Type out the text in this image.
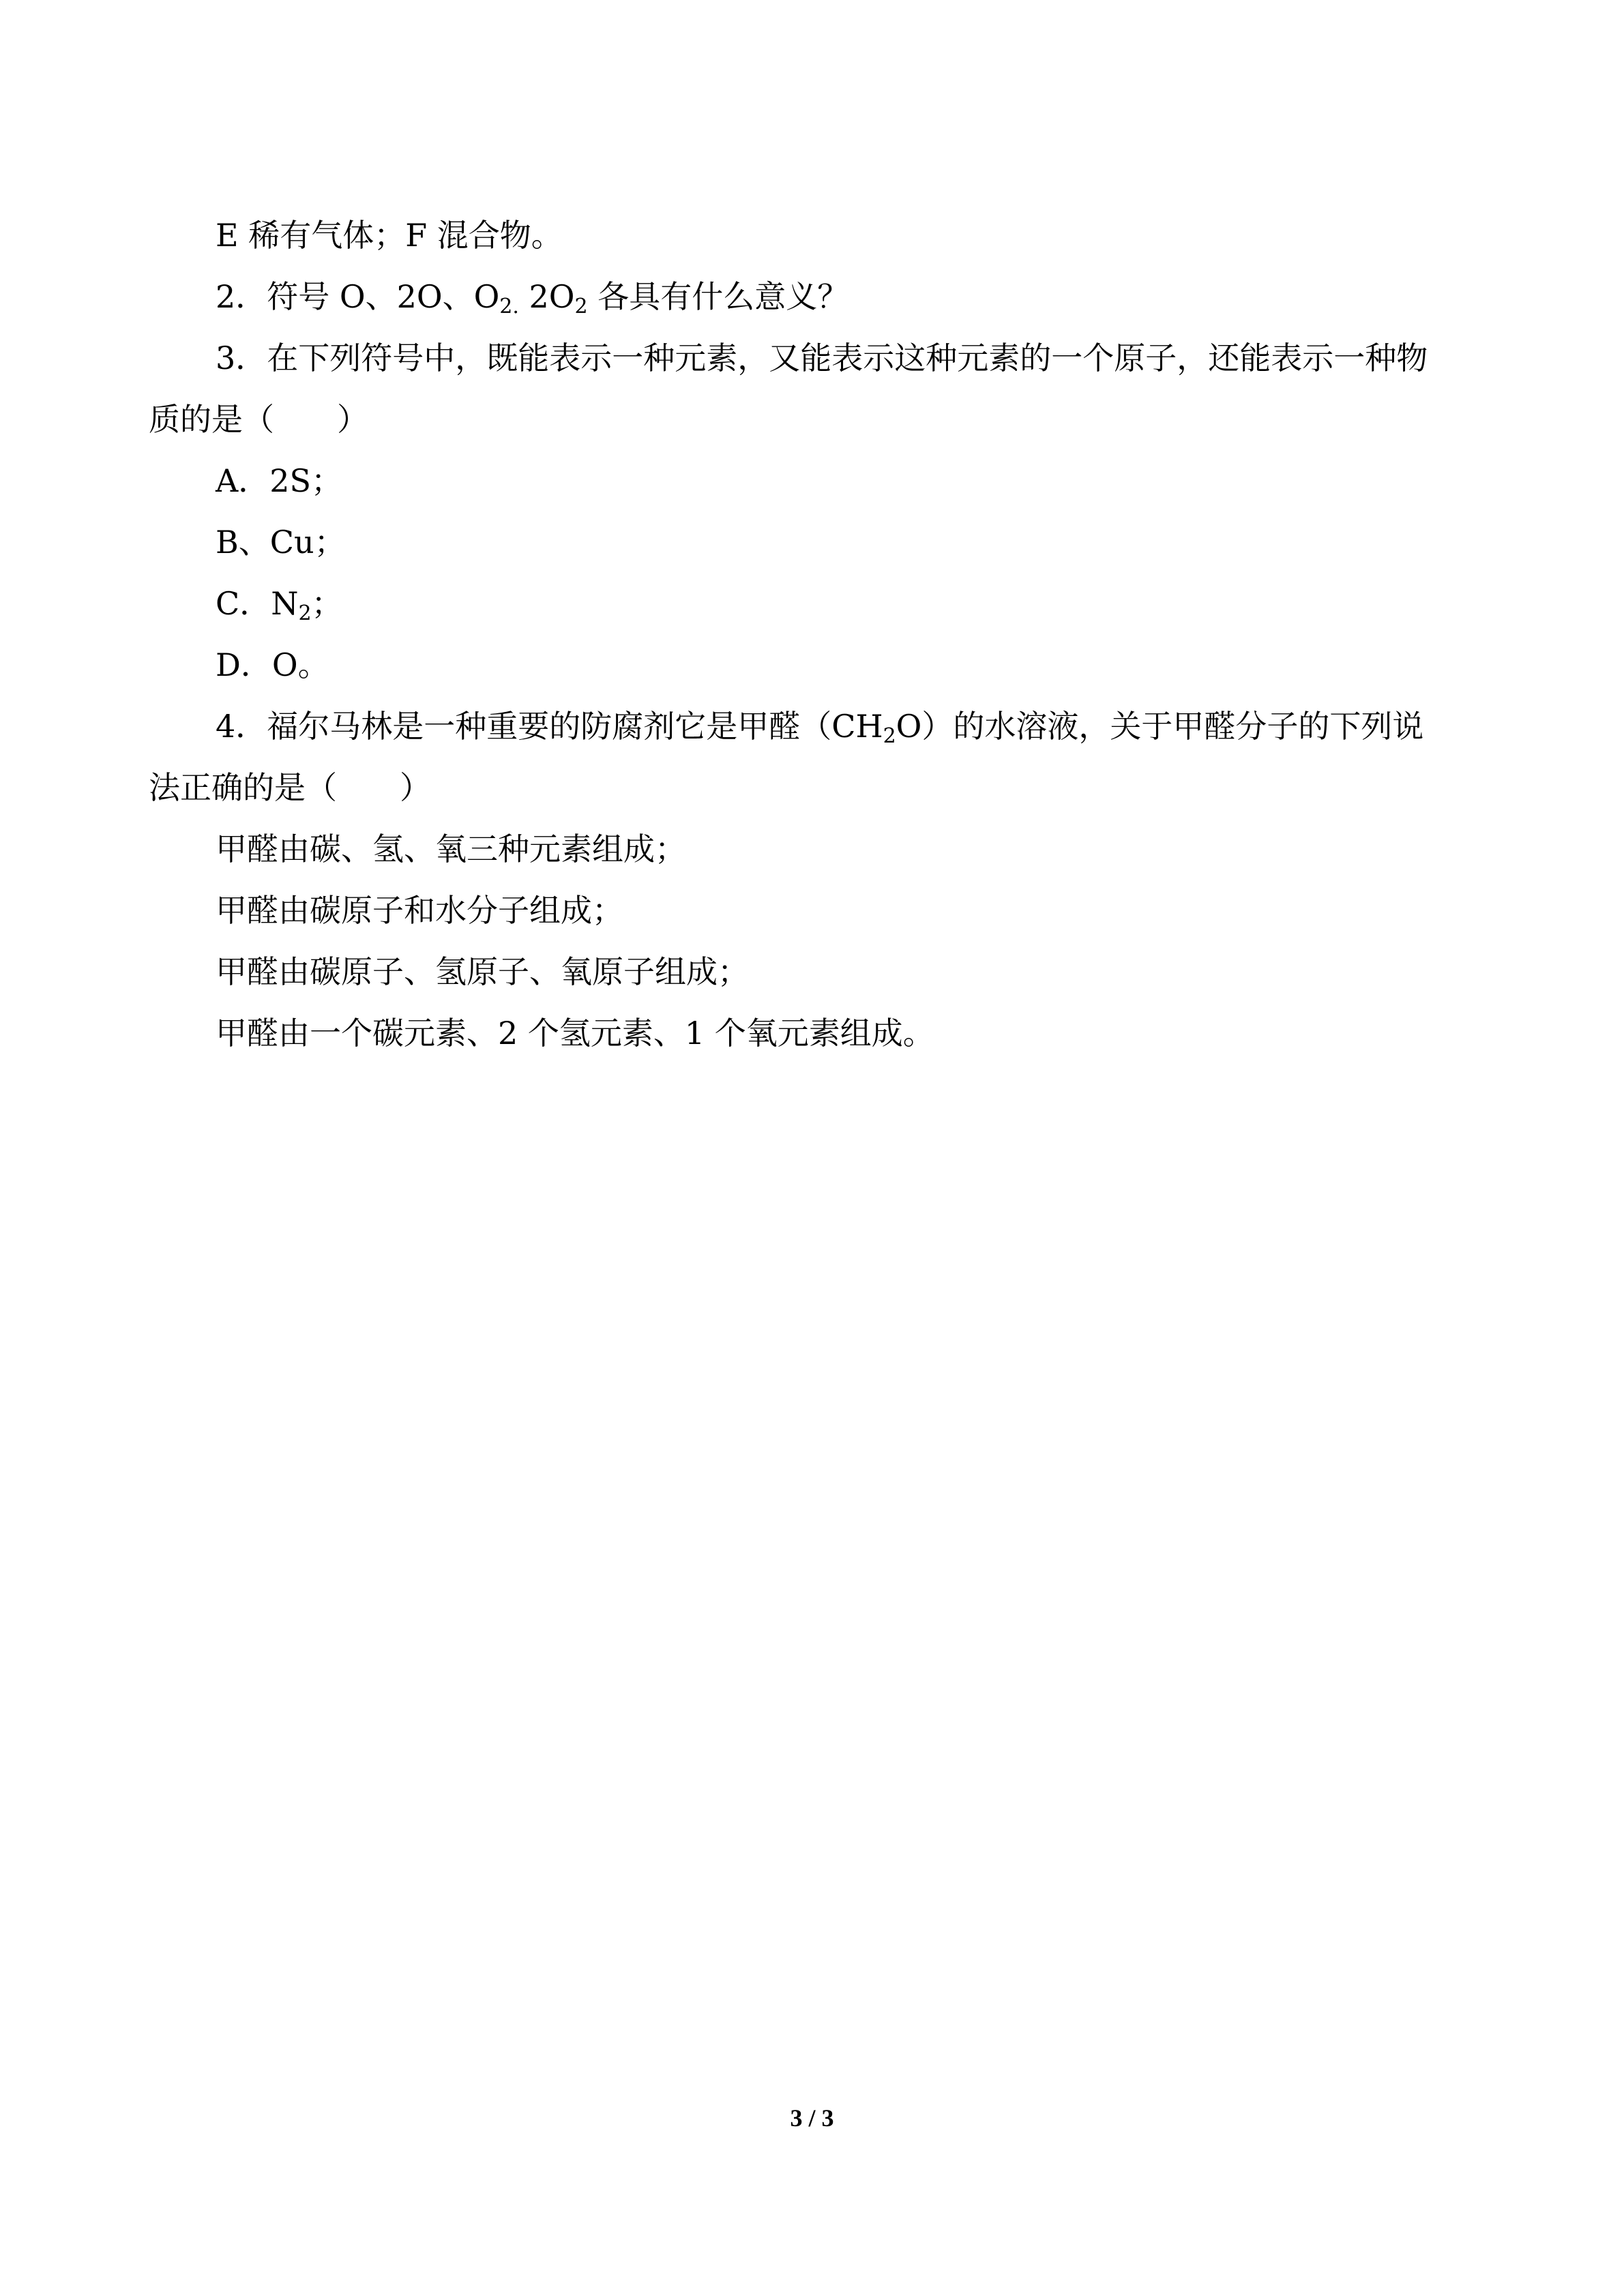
E 稀有气体；F 混合物。
2．符号 O、2O、$O_{2.}$ $2O_2$ 各具有什么意义？
3．在下列符号中，既能表示一种元素，又能表示这种元素的一个原子，还能表示一种物
质的是（　　）
A．2S；
B、Cu；
C．$N_2$；
D．O。
4．福尔马林是一种重要的防腐剂它是甲醛$(CH_2O)$的水溶液，关于甲醛分子的下列说
法正确的是（　　）
甲醛由碳、氢、氧三种元素组成；
甲醛由碳原子和水分子组成；
甲醛由碳原子、氢原子、氧原子组成；
甲醛由一个碳元素、2 个氢元素、1 个氧元素组成。
3 / 3
